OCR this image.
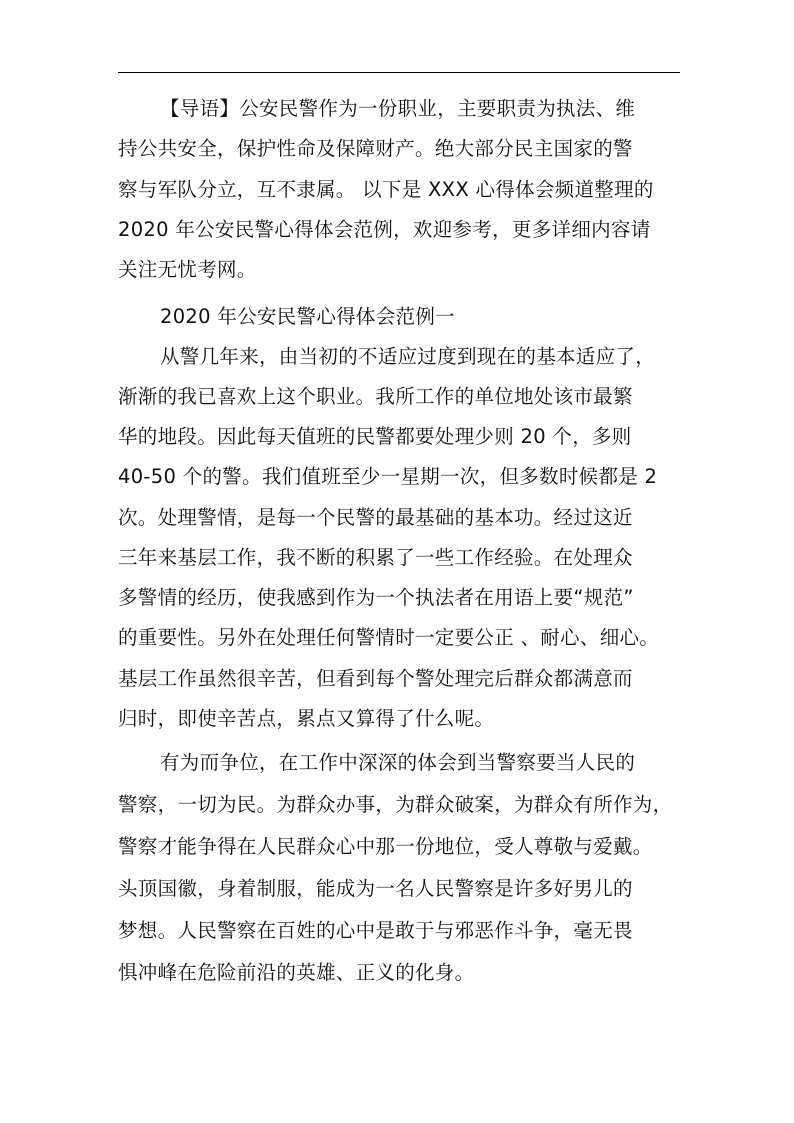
【导语】公安民警作为一份职业，主要职责为执法、维
持公共安全，保护性命及保障财产。绝大部分民主国家的警
察与军队分立，互不隶属。 以下是 XXX 心得体会频道整理的
2020 年公安民警心得体会范例，欢迎参考，更多详细内容请
关注无忧考网。
2020 年公安民警心得体会范例一
从警几年来，由当初的不适应过度到现在的基本适应了，
渐渐的我已喜欢上这个职业。我所工作的单位地处该市最繁
华的地段。因此每天值班的民警都要处理少则 20 个，多则
40-50 个的警。我们值班至少一星期一次，但多数时候都是 2
次。处理警情，是每一个民警的最基础的基本功。经过这近
三年来基层工作，我不断的积累了一些工作经验。在处理众
多警情的经历，使我感到作为一个执法者在用语上要“规范”
的重要性。另外在处理任何警情时一定要公正 、耐心、细心。
基层工作虽然很辛苦，但看到每个警处理完后群众都满意而
归时，即使辛苦点，累点又算得了什么呢。
有为而争位，在工作中深深的体会到当警察要当人民的
警察，一切为民。为群众办事，为群众破案，为群众有所作为，
警察才能争得在人民群众心中那一份地位，受人尊敬与爱戴。
头顶国徽，身着制服，能成为一名人民警察是许多好男儿的
梦想。人民警察在百姓的心中是敢于与邪恶作斗争，毫无畏
惧冲峰在危险前沿的英雄、正义的化身。
